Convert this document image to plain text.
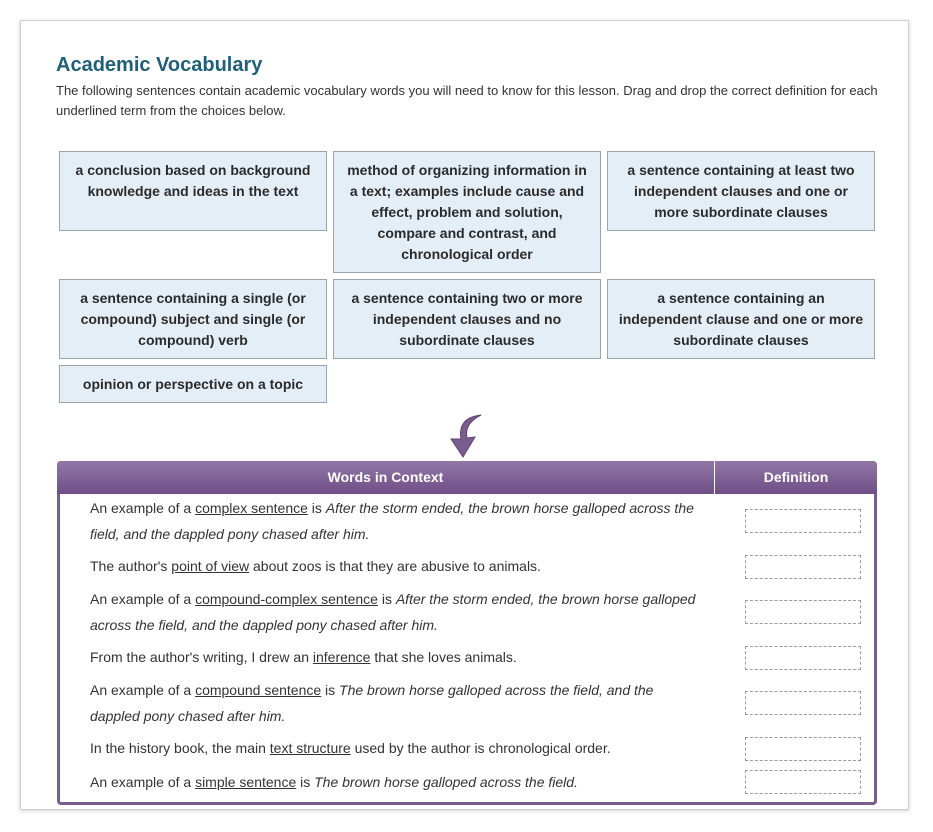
Academic Vocabulary

The following sentences contain academic vocabulary words you will need to know for this lesson. Drag and drop the correct definition for each underlined term from the choices below.

a conclusion based on background knowledge and ideas in the text
method of organizing information in a text; examples include cause and effect, problem and solution, compare and contrast, and chronological order
a sentence containing at least two independent clauses and one or more subordinate clauses
a sentence containing a single (or compound) subject and single (or compound) verb
a sentence containing two or more independent clauses and no subordinate clauses
a sentence containing an independent clause and one or more subordinate clauses
opinion or perspective on a topic
Words in Context	Definition
An example of a complex sentence is After the storm ended, the brown horse galloped across the field, and the dappled pony chased after him.
The author's point of view about zoos is that they are abusive to animals.
An example of a compound-complex sentence is After the storm ended, the brown horse galloped across the field, and the dappled pony chased after him.
From the author's writing, I drew an inference that she loves animals.
An example of a compound sentence is The brown horse galloped across the field, and the dappled pony chased after him.
In the history book, the main text structure used by the author is chronological order.
An example of a simple sentence is The brown horse galloped across the field.
